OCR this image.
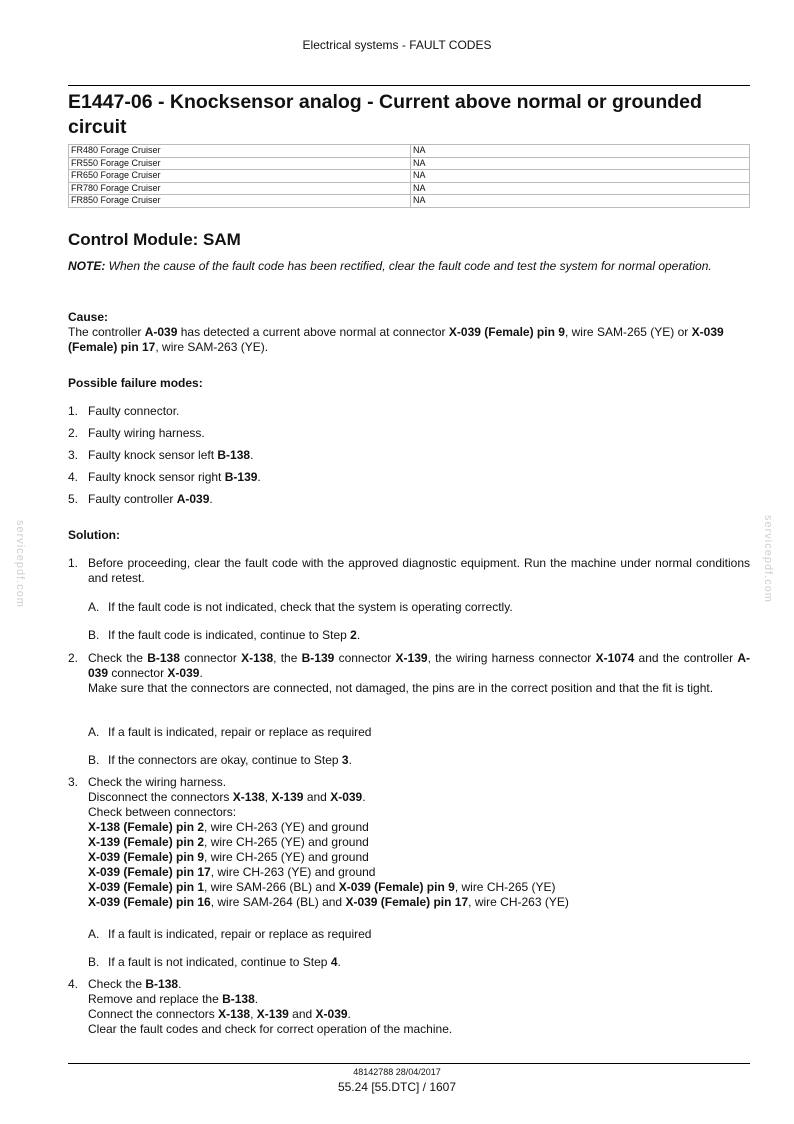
Electrical systems - FAULT CODES
E1447-06 - Knocksensor analog - Current above normal or grounded circuit
FR480 Forage Cruiser	NA
FR550 Forage Cruiser	NA
FR650 Forage Cruiser	NA
FR780 Forage Cruiser	NA
FR850 Forage Cruiser	NA
Control Module: SAM
NOTE: When the cause of the fault code has been rectified, clear the fault code and test the system for normal operation.

Cause:

The controller A-039 has detected a current above normal at connector X-039 (Female) pin 9, wire SAM-265 (YE) or X-039 (Female) pin 17, wire SAM-263 (YE).

Possible failure modes:
1. Faulty connector.
2. Faulty wiring harness.
3. Faulty knock sensor left B-138.
4. Faulty knock sensor right B-139.
5. Faulty controller A-039.
Solution:
1. Before proceeding, clear the fault code with the approved diagnostic equipment. Run the machine under normal conditions and retest.
A. If the fault code is not indicated, check that the system is operating correctly.
B. If the fault code is indicated, continue to Step 2.
2. Check the B-138 connector X-138, the B-139 connector X-139, the wiring harness connector X-1074 and the controller A-039 connector X-039.
Make sure that the connectors are connected, not damaged, the pins are in the correct position and that the fit is tight.
A. If a fault is indicated, repair or replace as required
B. If the connectors are okay, continue to Step 3.
3. Check the wiring harness.
Disconnect the connectors X-138, X-139 and X-039.
Check between connectors:
X-138 (Female) pin 2, wire CH-263 (YE) and ground
X-139 (Female) pin 2, wire CH-265 (YE) and ground
X-039 (Female) pin 9, wire CH-265 (YE) and ground
X-039 (Female) pin 17, wire CH-263 (YE) and ground
X-039 (Female) pin 1, wire SAM-266 (BL) and X-039 (Female) pin 9, wire CH-265 (YE)
X-039 (Female) pin 16, wire SAM-264 (BL) and X-039 (Female) pin 17, wire CH-263 (YE)
A. If a fault is indicated, repair or replace as required
B. If a fault is not indicated, continue to Step 4.
4. Check the B-138.
Remove and replace the B-138.
Connect the connectors X-138, X-139 and X-039.
Clear the fault codes and check for correct operation of the machine.
servicepdf.com	servicepdf.com
48142788 28/04/2017
55.24 [55.DTC] / 1607
